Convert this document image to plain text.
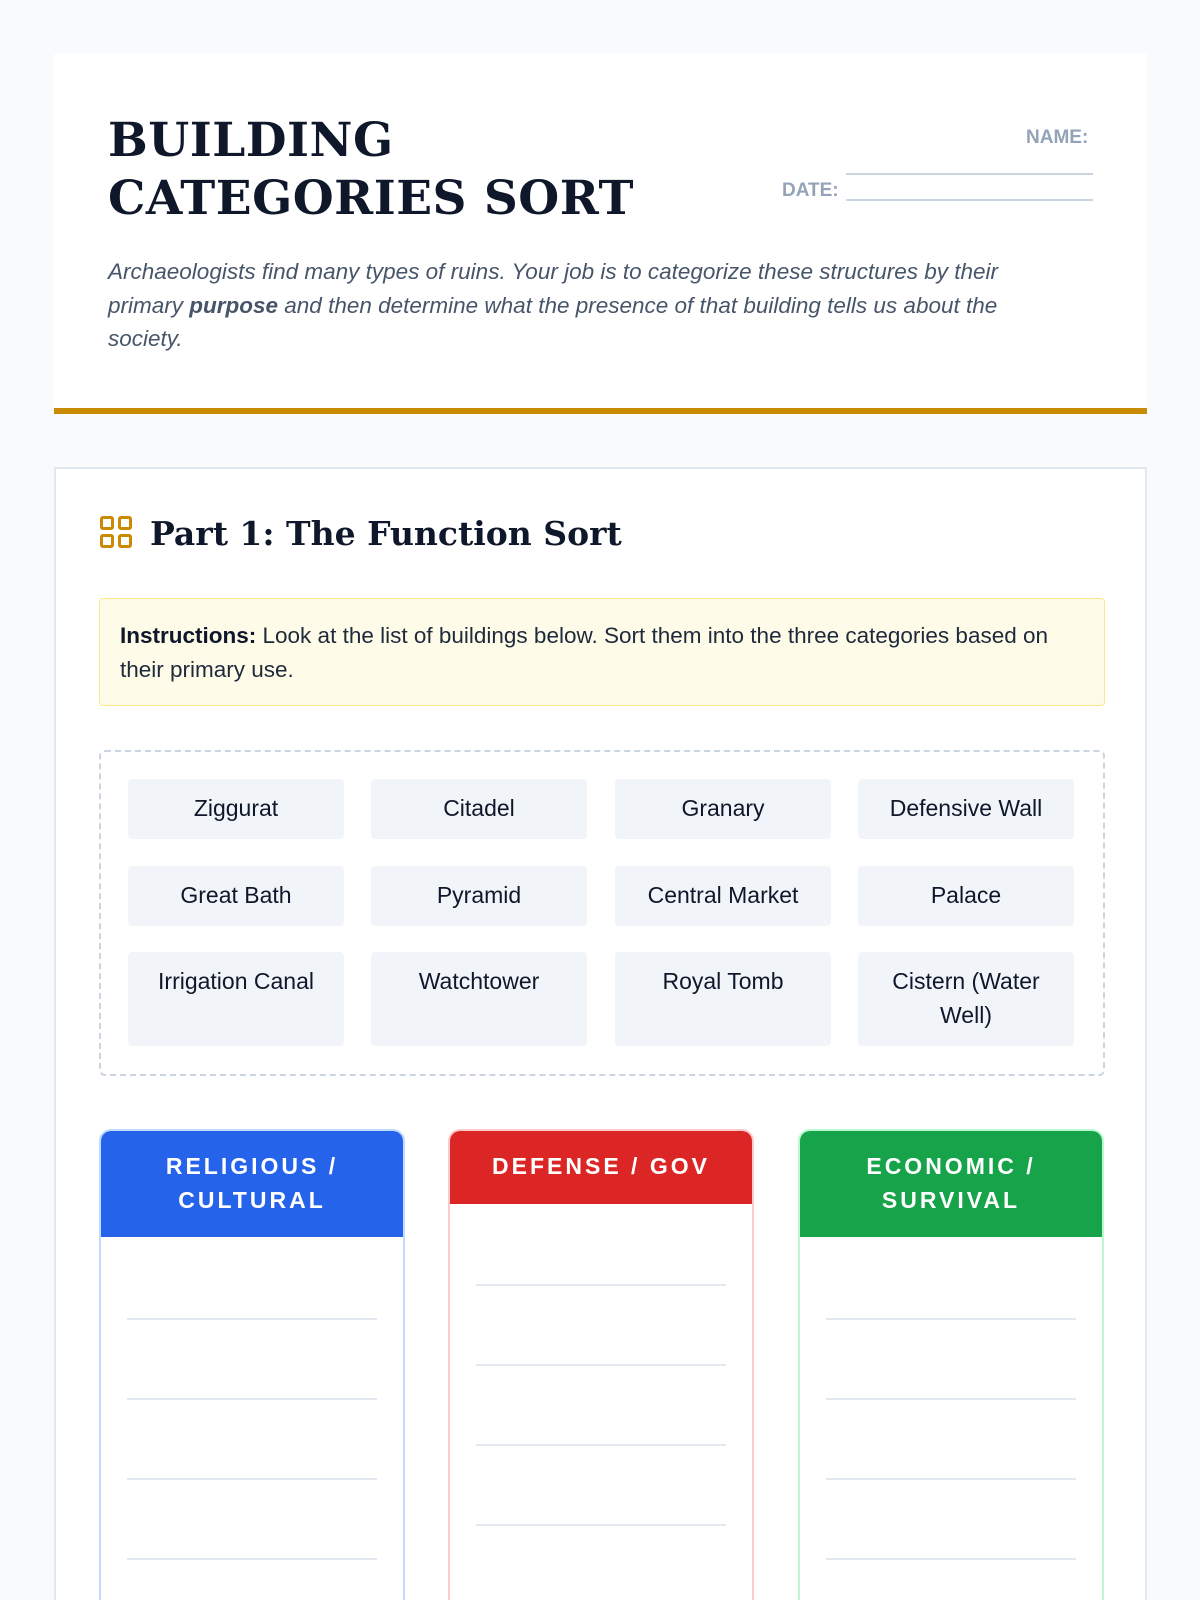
BUILDING CATEGORIES SORT
NAME:
DATE:

Archaeologists find many types of ruins. Your job is to categorize these structures by their primary purpose and then determine what the presence of that building tells us about the society.

Part 1: The Function Sort
Instructions: Look at the list of buildings below. Sort them into the three categories based on their primary use.
Ziggurat	Citadel	Granary	Defensive Wall
Great Bath	Pyramid	Central Market	Palace
Irrigation Canal	Watchtower	Royal Tomb	Cistern (Water Well)
RELIGIOUS / CULTURAL
DEFENSE / GOV	ECONOMIC / SURVIVAL
